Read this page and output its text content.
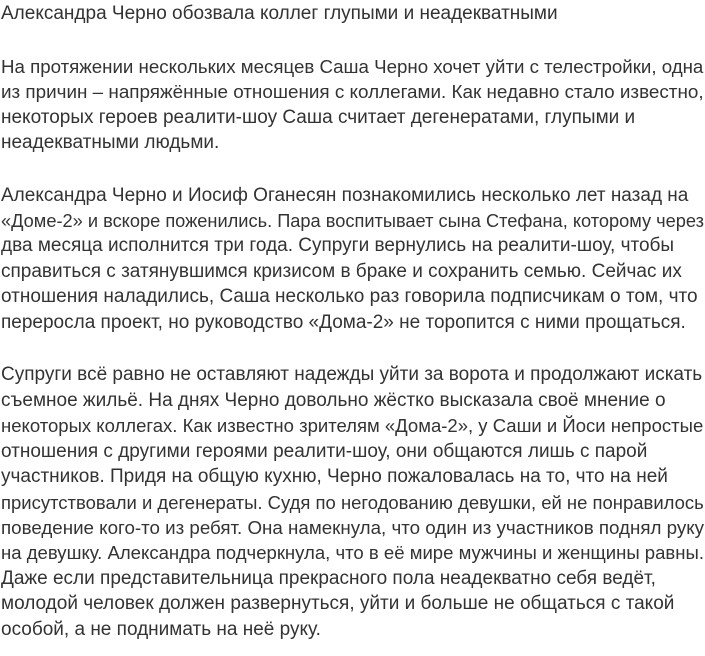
Александра Черно обозвала коллег глупыми и неадекватными

На протяжении нескольких месяцев Саша Черно хочет уйти с телестройки, одна

из причин – напряжённые отношения с коллегами. Как недавно стало известно,

некоторых героев реалити-шоу Саша считает дегенератами, глупыми и

неадекватными людьми.

Александра Черно и Иосиф Оганесян познакомились несколько лет назад на

«Доме-2» и вскоре поженились. Пара воспитывает сына Стефана, которому через

два месяца исполнится три года. Супруги вернулись на реалити-шоу, чтобы

справиться с затянувшимся кризисом в браке и сохранить семью. Сейчас их

отношения наладились, Саша несколько раз говорила подписчикам о том, что

переросла проект, но руководство «Дома-2» не торопится с ними прощаться.

Супруги всё равно не оставляют надежды уйти за ворота и продолжают искать

съемное жильё. На днях Черно довольно жёстко высказала своё мнение о

некоторых коллегах. Как известно зрителям «Дома-2», у Саши и Йоси непростые

отношения с другими героями реалити-шоу, они общаются лишь с парой

участников. Придя на общую кухню, Черно пожаловалась на то, что на ней

присутствовали и дегенераты. Судя по негодованию девушки, ей не понравилось

поведение кого-то из ребят. Она намекнула, что один из участников поднял руку

на девушку. Александра подчеркнула, что в её мире мужчины и женщины равны.

Даже если представительница прекрасного пола неадекватно себя ведёт,

молодой человек должен развернуться, уйти и больше не общаться с такой

особой, а не поднимать на неё руку.
